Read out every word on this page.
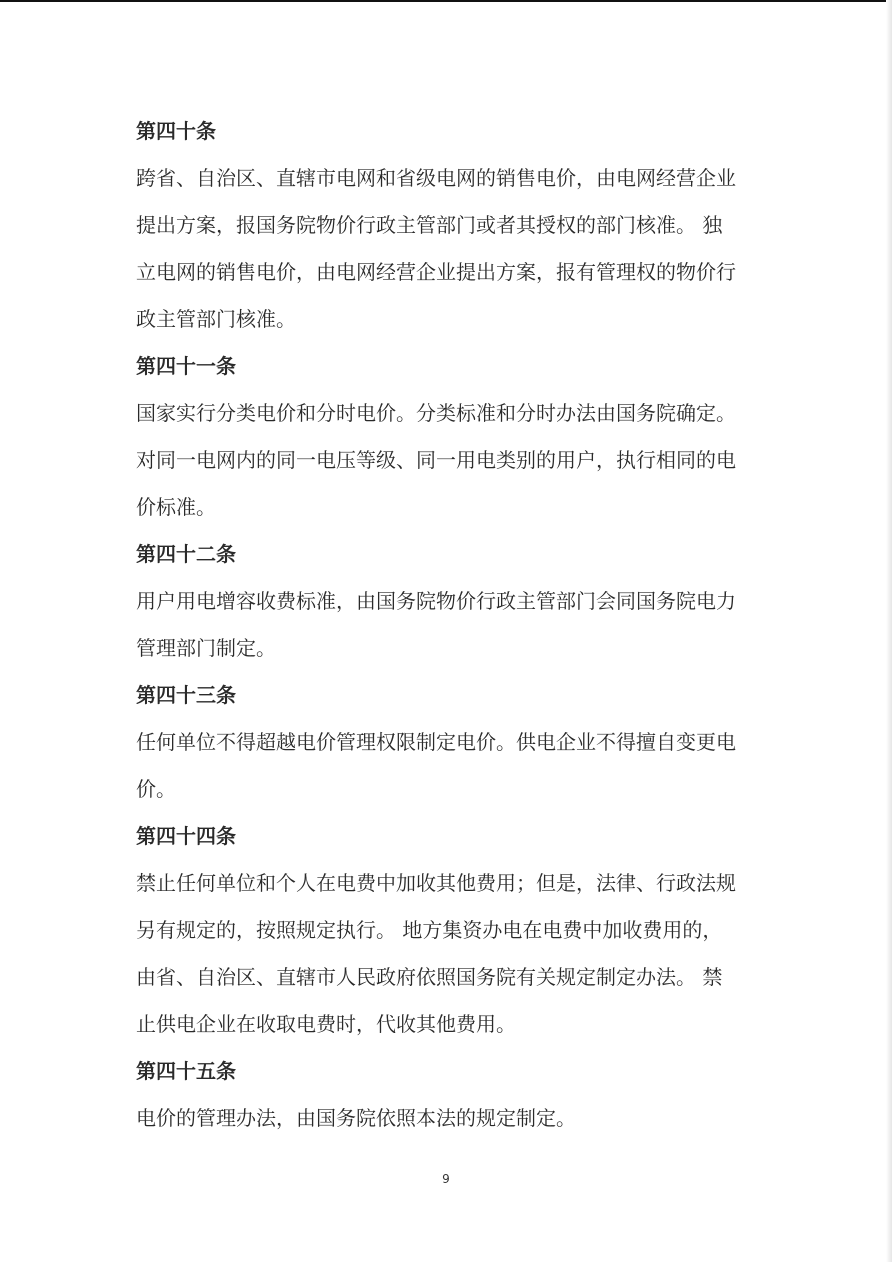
第四十条
跨省、自治区、直辖市电网和省级电网的销售电价，由电网经营企业
提出方案，报国务院物价行政主管部门或者其授权的部门核准。 独
立电网的销售电价，由电网经营企业提出方案，报有管理权的物价行
政主管部门核准。
第四十一条
国家实行分类电价和分时电价。分类标准和分时办法由国务院确定。
对同一电网内的同一电压等级、同一用电类别的用户，执行相同的电
价标准。
第四十二条
用户用电增容收费标准，由国务院物价行政主管部门会同国务院电力
管理部门制定。
第四十三条
任何单位不得超越电价管理权限制定电价。供电企业不得擅自变更电
价。
第四十四条
禁止任何单位和个人在电费中加收其他费用；但是，法律、行政法规
另有规定的，按照规定执行。 地方集资办电在电费中加收费用的，
由省、自治区、直辖市人民政府依照国务院有关规定制定办法。 禁
止供电企业在收取电费时，代收其他费用。
第四十五条
电价的管理办法，由国务院依照本法的规定制定。
9
